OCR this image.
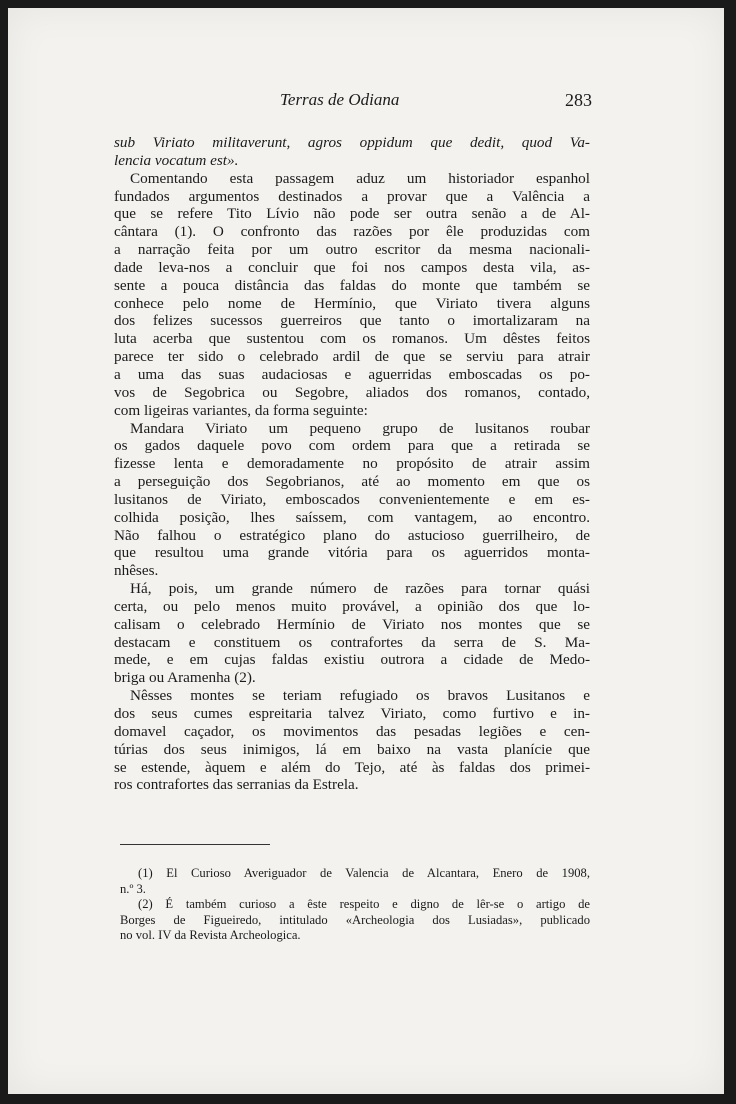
Terras de Odiana	283
sub Viriato militaverunt, agros oppidum que dedit, quod Va-
lencia vocatum est».
Comentando esta passagem aduz um historiador espanhol
fundados argumentos destinados a provar que a Valência a
que se refere Tito Lívio não pode ser outra senão a de Al-
cântara (1). O confronto das razões por êle produzidas com
a narração feita por um outro escritor da mesma nacionali-
dade leva-nos a concluir que foi nos campos desta vila, as-
sente a pouca distância das faldas do monte que também se
conhece pelo nome de Hermínio, que Viriato tivera alguns
dos felizes sucessos guerreiros que tanto o imortalizaram na
luta acerba que sustentou com os romanos. Um dêstes feitos
parece ter sido o celebrado ardil de que se serviu para atrair
a uma das suas audaciosas e aguerridas emboscadas os po-
vos de Segobrica ou Segobre, aliados dos romanos, contado,
com ligeiras variantes, da forma seguinte:
Mandara Viriato um pequeno grupo de lusitanos roubar
os gados daquele povo com ordem para que a retirada se
fizesse lenta e demoradamente no propósito de atrair assim
a perseguição dos Segobrianos, até ao momento em que os
lusitanos de Viriato, emboscados convenientemente e em es-
colhida posição, lhes saíssem, com vantagem, ao encontro.
Não falhou o estratégico plano do astucioso guerrilheiro, de
que resultou uma grande vitória para os aguerridos monta-
nhêses.
Há, pois, um grande número de razões para tornar quási
certa, ou pelo menos muito provável, a opinião dos que lo-
calisam o celebrado Hermínio de Viriato nos montes que se
destacam e constituem os contrafortes da serra de S. Ma-
mede, e em cujas faldas existiu outrora a cidade de Medo-
briga ou Aramenha (2).
Nêsses montes se teriam refugiado os bravos Lusitanos e
dos seus cumes espreitaria talvez Viriato, como furtivo e in-
domavel caçador, os movimentos das pesadas legiões e cen-
túrias dos seus inimigos, lá em baixo na vasta planície que
se estende, àquem e além do Tejo, até às faldas dos primei-
ros contrafortes das serranias da Estrela.
(1) El Curioso Averiguador de Valencia de Alcantara, Enero de 1908,
n.º 3.
(2) É também curioso a êste respeito e digno de lêr-se o artigo de
Borges de Figueiredo, intitulado «Archeologia dos Lusiadas», publicado
no vol. IV da Revista Archeologica.
